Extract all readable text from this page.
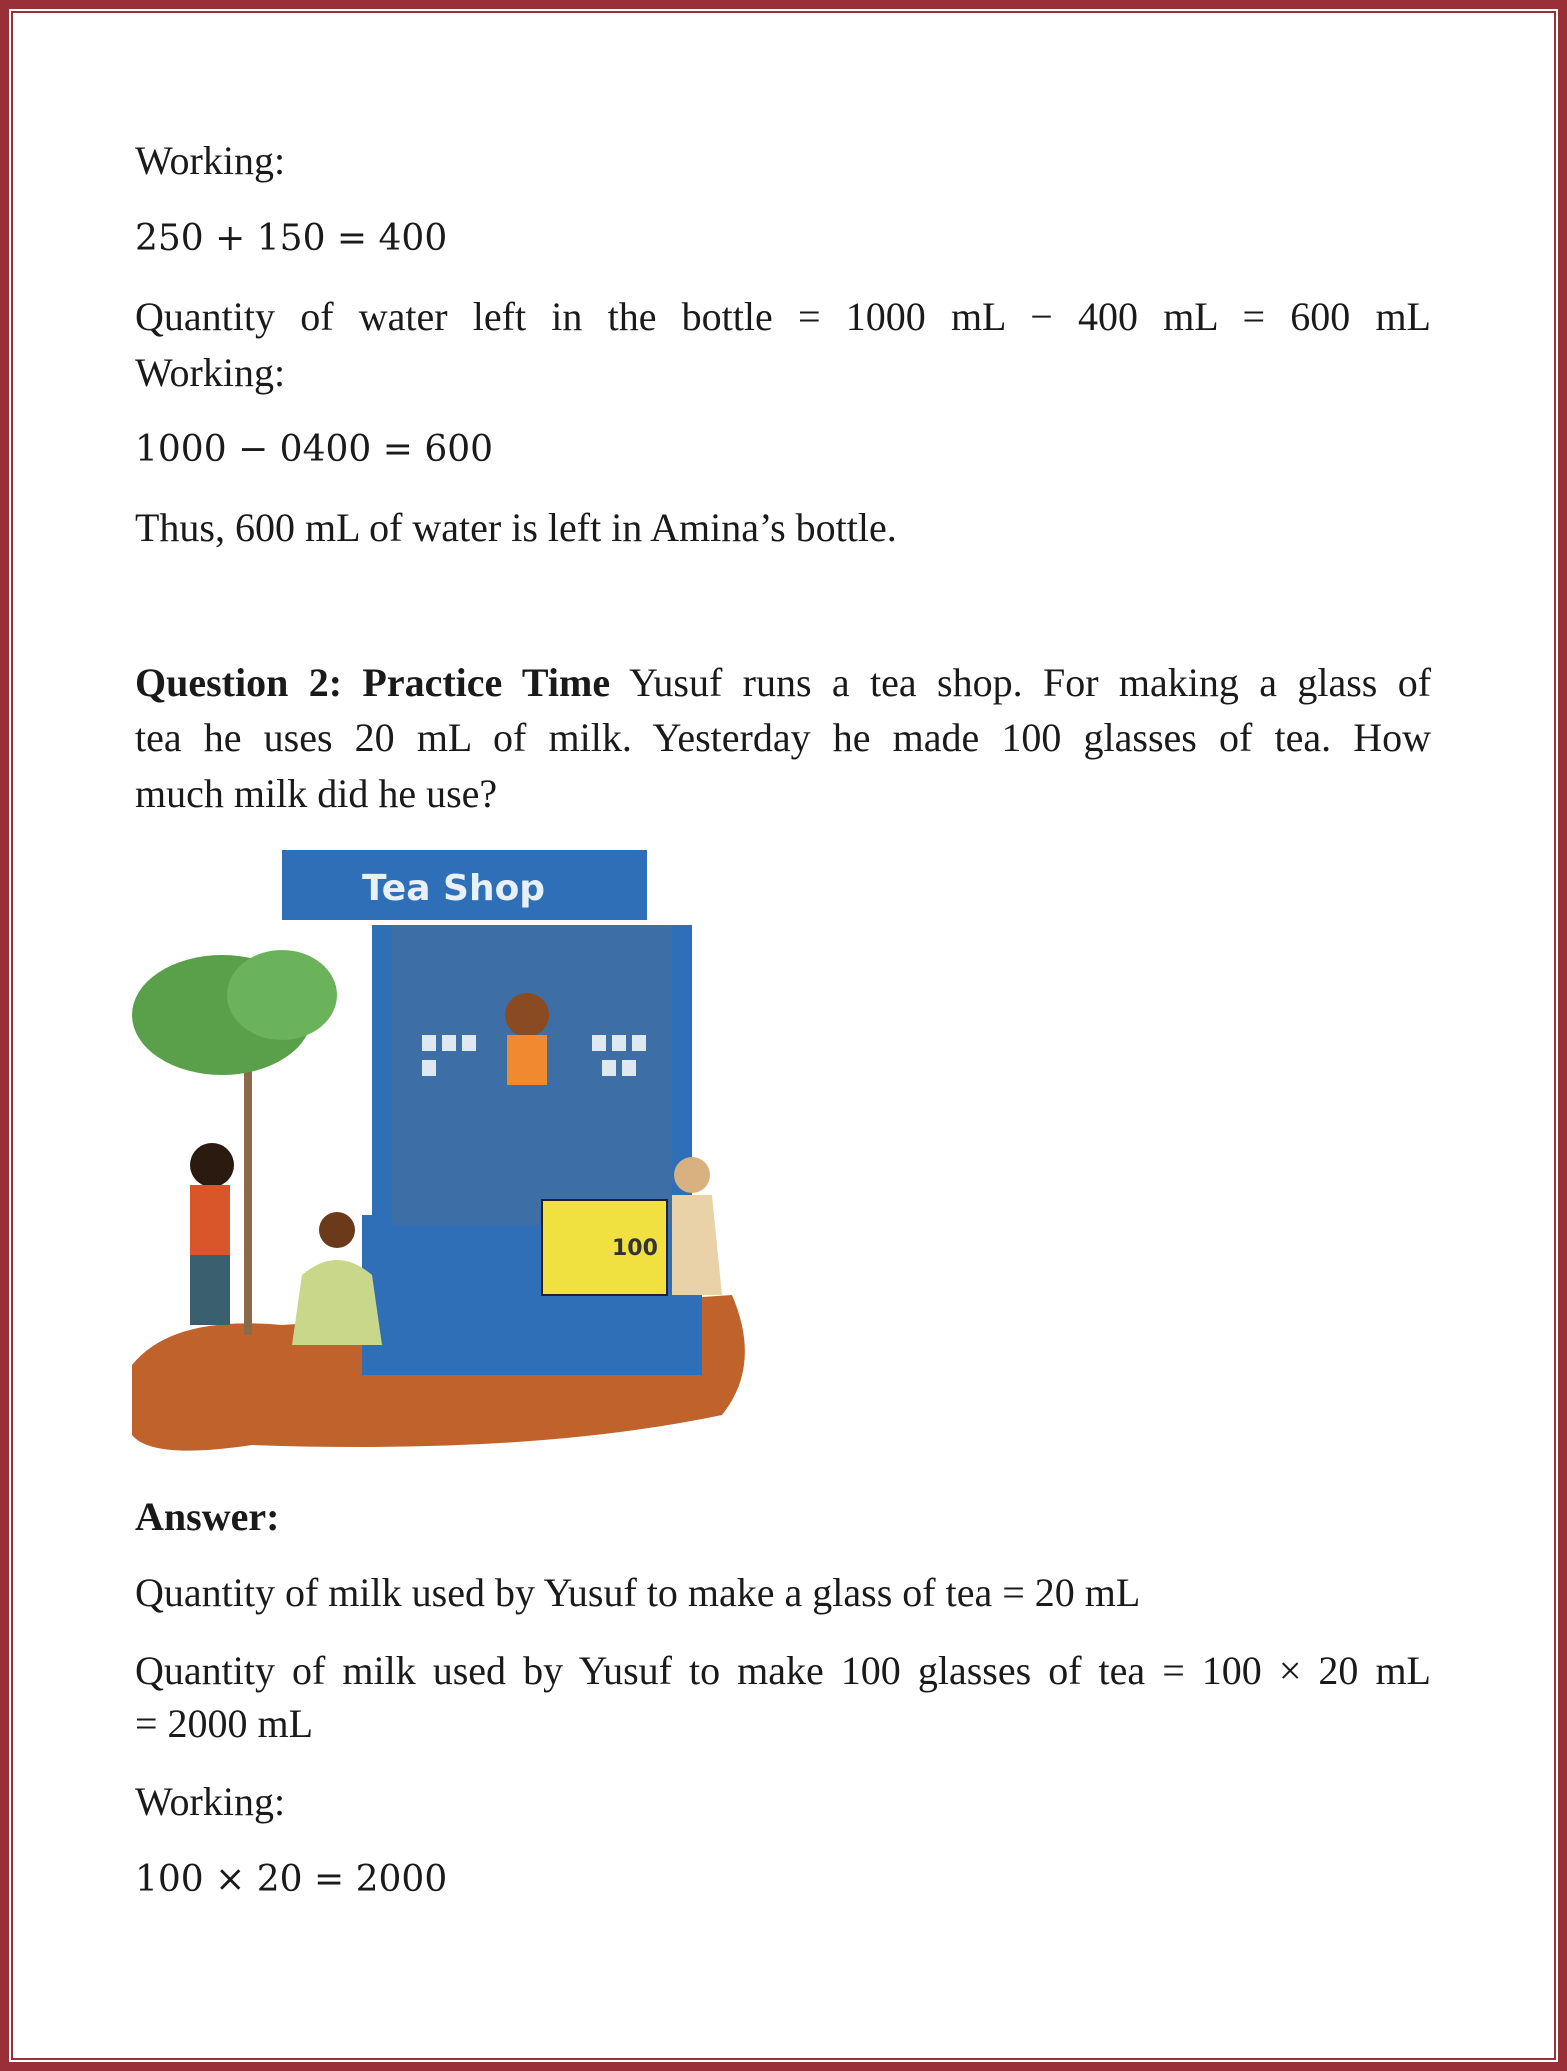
Working:
250 + 150 = 400
Quantity of water left in the bottle = 1000 mL − 400 mL = 600 mL
Working:
1000 − 0400 = 600
Thus, 600 mL of water is left in Amina’s bottle.
Question 2: Practice Time Yusuf runs a tea shop. For making a glass of
tea he uses 20 mL of milk. Yesterday he made 100 glasses of tea. How
much milk did he use?
Tea Shop
100
Answer:
Quantity of milk used by Yusuf to make a glass of tea = 20 mL
Quantity of milk used by Yusuf to make 100 glasses of tea = 100 × 20 mL
= 2000 mL
Working:
100 × 20 = 2000
